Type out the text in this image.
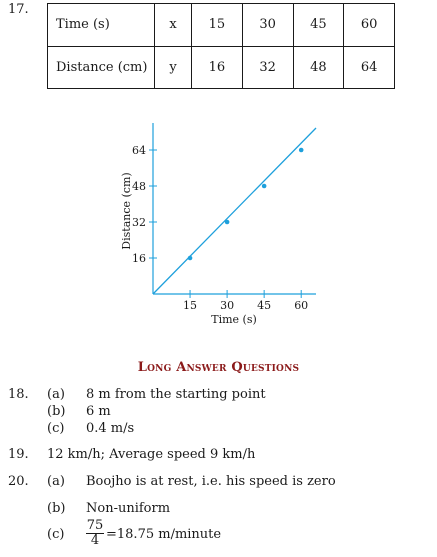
17.
Time (s)	x	15	30	45	60
Distance (cm)	y	16	32	48	64
15 30 45 60
16
32
48
64
Time (s)
Distance (cm)
Long Answer Questions
18. (a) 8 m from the starting point
(b) 6 m
(c) 0.4 m/s
19. 12 km/h; Average speed 9 km/h
20. (a) Boojho is at rest, i.e. his speed is zero
(b) Non-uniform
$(c) \frac{75}{4} =18.75$ m/minute
